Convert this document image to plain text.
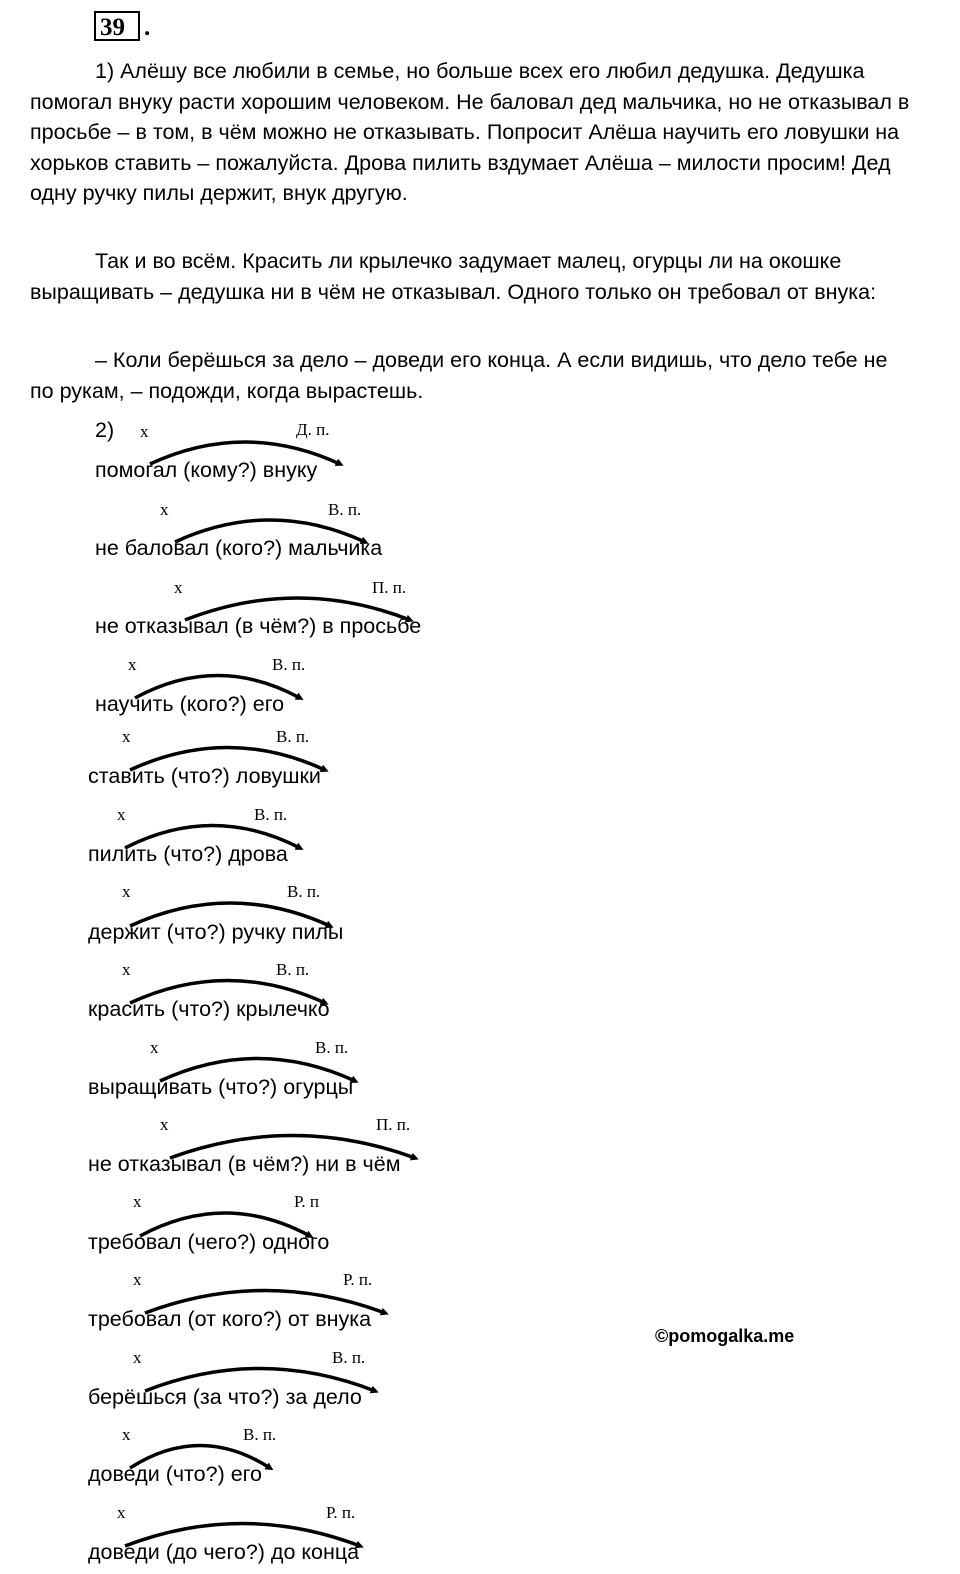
39 .

1) Алёшу все любили в семье, но больше всех его любил дедушка. Дедушка помогал внуку расти хорошим человеком. Не баловал дед мальчика, но не отказывал в просьбе – в том, в чём можно не отказывать. Попросит Алёша научить его ловушки на хорьков ставить – пожалуйста. Дрова пилить вздумает Алёша – милости просим! Дед одну ручку пилы держит, внук другую.

Так и во всём. Красить ли крылечко задумает малец, огурцы ли на окошке выращивать – дедушка ни в чём не отказывал. Одного только он требовал от внука:

– Коли берёшься за дело – доведи его конца. А если видишь, что дело тебе не по рукам, – подожди, когда вырастешь.

2)
помогал (кому?) внуку
х	Д. п.
не баловал (кого?) мальчика
х	В. п.
не отказывал (в чём?) в просьбе
х	П. п.
научить (кого?) его
х	В. п.
ставить (что?) ловушки
х	В. п.
пилить (что?) дрова
х	В. п.
держит (что?) ручку пилы
х	В. п.
красить (что?) крылечко
х	В. п.
выращивать (что?) огурцы
х	В. п.
не отказывал (в чём?) ни в чём
х	П. п.
требовал (чего?) одного
х	Р. п
требовал (от кого?) от внука
х	Р. п.
берёшься (за что?) за дело
х	В. п.
доведи (что?) его
х	В. п.
доведи (до чего?) до конца
х	Р. п.
©pomogalka.me
